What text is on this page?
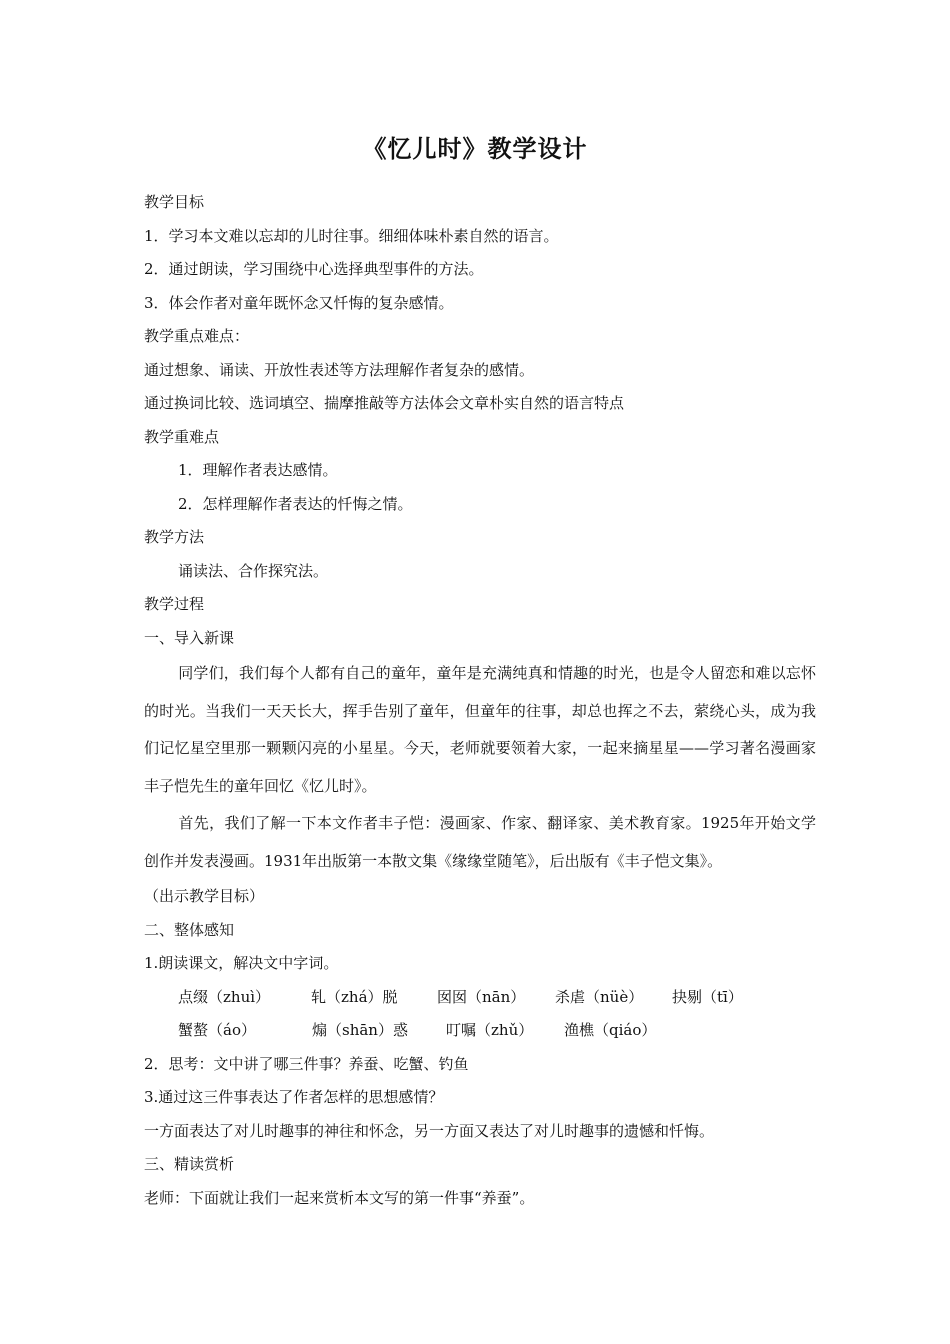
《忆儿时》教学设计
教学目标
1．学习本文难以忘却的儿时往事。细细体味朴素自然的语言。
2．通过朗读，学习围绕中心选择典型事件的方法。
3．体会作者对童年既怀念又忏悔的复杂感情。
教学重点难点：
通过想象、诵读、开放性表述等方法理解作者复杂的感情。
通过换词比较、选词填空、揣摩推敲等方法体会文章朴实自然的语言特点
教学重难点
1．理解作者表达感情。
2．怎样理解作者表达的忏悔之情。
教学方法
诵读法、合作探究法。
教学过程
一、导入新课

同学们，我们每个人都有自己的童年，童年是充满纯真和情趣的时光，也是令人留恋和难以忘怀的时光。当我们一天天长大，挥手告别了童年，但童年的往事，却总也挥之不去，萦绕心头，成为我们记忆星空里那一颗颗闪亮的小星星。今天，老师就要领着大家，一起来摘星星——学习著名漫画家丰子恺先生的童年回忆《忆儿时》。

首先，我们了解一下本文作者丰子恺：漫画家、作家、翻译家、美术教育家。1925年开始文学创作并发表漫画。1931年出版第一本散文集《缘缘堂随笔》，后出版有《丰子恺文集》。

（出示教学目标）
二、整体感知
1.朗读课文，解决文中字词。
点缀（zhuì）	轧（zhá）脱	囡囡（nān） 杀虐（nüè） 抉剔（tī）
蟹螯（áo）	煽（shān）惑	叮嘱（zhǔ） 渔樵（qiáo）
2．思考：文中讲了哪三件事？养蚕、吃蟹、钓鱼
3.通过这三件事表达了作者怎样的思想感情？
一方面表达了对儿时趣事的神往和怀念，另一方面又表达了对儿时趣事的遗憾和忏悔。
三、精读赏析
老师：下面就让我们一起来赏析本文写的第一件事“养蚕”。
